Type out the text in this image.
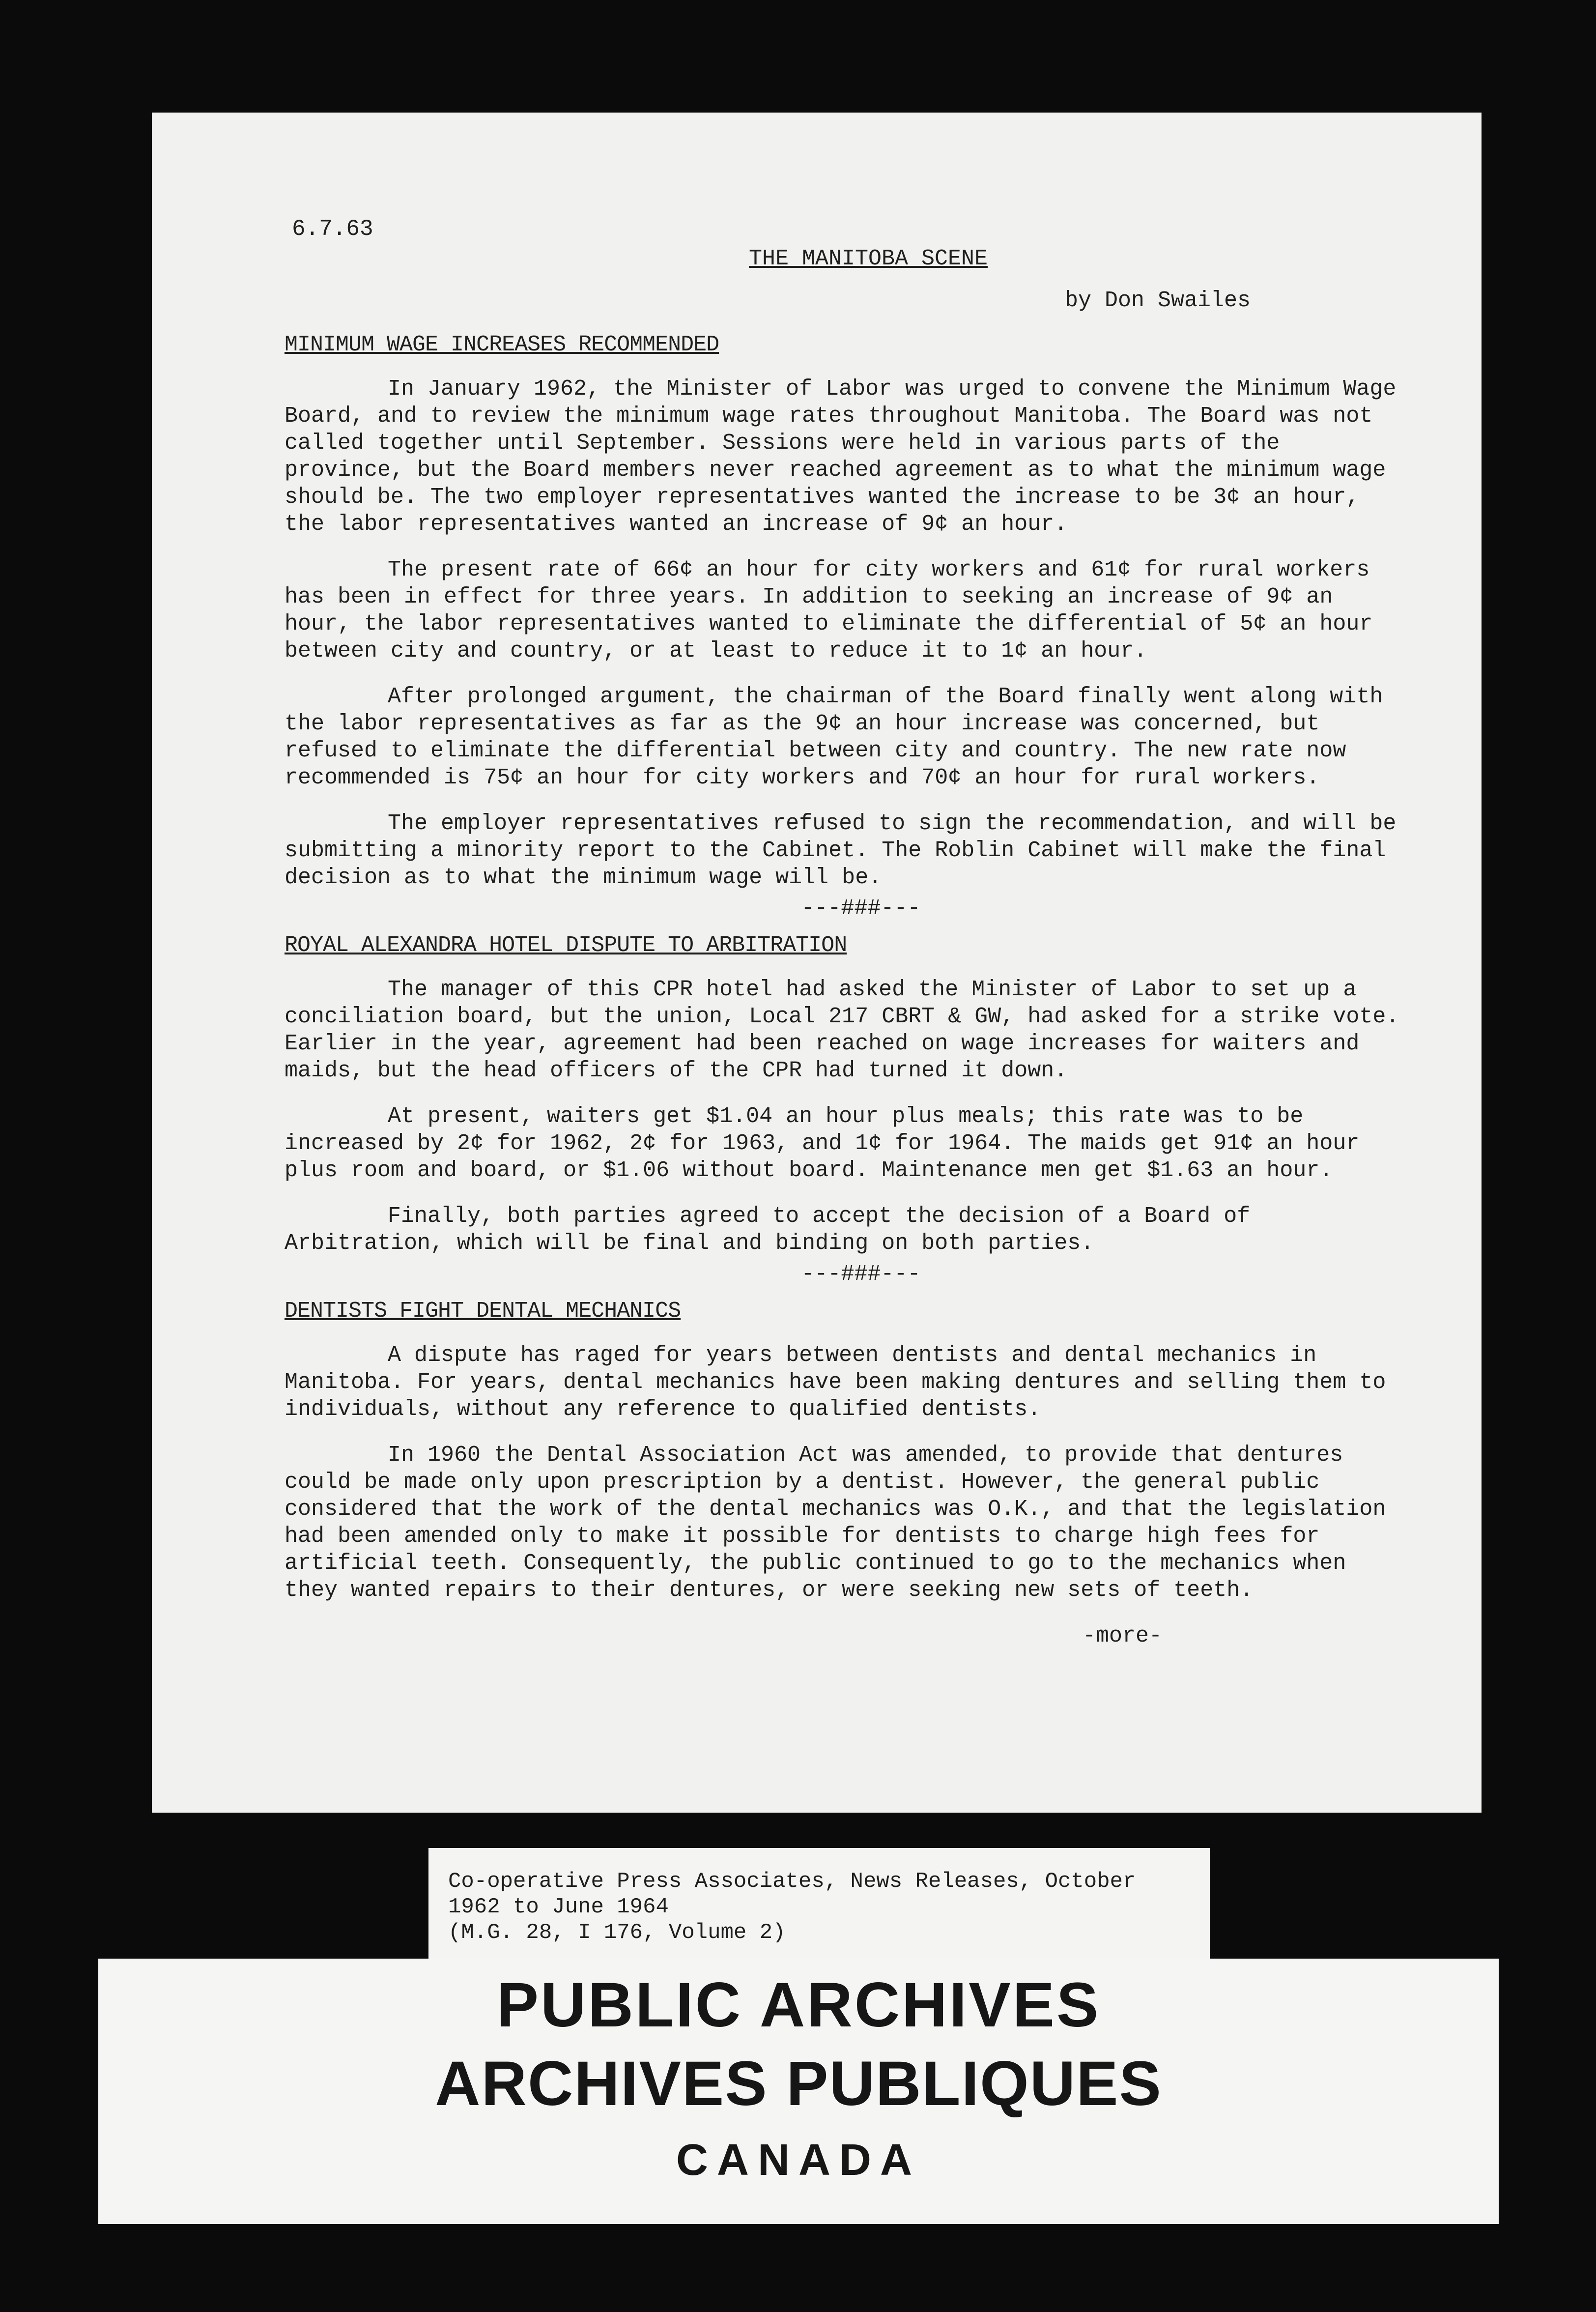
6.7.63
THE MANITOBA SCENE
by Don Swailes
MINIMUM WAGE INCREASES RECOMMENDED

In January 1962, the Minister of Labor was urged to convene the Minimum Wage Board, and to review the minimum wage rates throughout Manitoba. The Board was not called together until September. Sessions were held in various parts of the province, but the Board members never reached agreement as to what the minimum wage should be. The two employer representatives wanted the increase to be 3¢ an hour, the labor representatives wanted an increase of 9¢ an hour.

The present rate of 66¢ an hour for city workers and 61¢ for rural workers has been in effect for three years. In addition to seeking an increase of 9¢ an hour, the labor representatives wanted to eliminate the differential of 5¢ an hour between city and country, or at least to reduce it to 1¢ an hour.

After prolonged argument, the chairman of the Board finally went along with the labor representatives as far as the 9¢ an hour increase was concerned, but refused to eliminate the differential between city and country. The new rate now recommended is 75¢ an hour for city workers and 70¢ an hour for rural workers.

The employer representatives refused to sign the recommendation, and will be submitting a minority report to the Cabinet. The Roblin Cabinet will make the final decision as to what the minimum wage will be.

---###---
ROYAL ALEXANDRA HOTEL DISPUTE TO ARBITRATION

The manager of this CPR hotel had asked the Minister of Labor to set up a conciliation board, but the union, Local 217 CBRT & GW, had asked for a strike vote. Earlier in the year, agreement had been reached on wage increases for waiters and maids, but the head officers of the CPR had turned it down.

At present, waiters get $1.04 an hour plus meals; this rate was to be increased by 2¢ for 1962, 2¢ for 1963, and 1¢ for 1964. The maids get 91¢ an hour plus room and board, or $1.06 without board. Maintenance men get $1.63 an hour.

Finally, both parties agreed to accept the decision of a Board of Arbitration, which will be final and binding on both parties.

---###---
DENTISTS FIGHT DENTAL MECHANICS

A dispute has raged for years between dentists and dental mechanics in Manitoba. For years, dental mechanics have been making dentures and selling them to individuals, without any reference to qualified dentists.

In 1960 the Dental Association Act was amended, to provide that dentures could be made only upon prescription by a dentist. However, the general public considered that the work of the dental mechanics was O.K., and that the legislation had been amended only to make it possible for dentists to charge high fees for artificial teeth. Consequently, the public continued to go to the mechanics when they wanted repairs to their dentures, or were seeking new sets of teeth.

-more-
Co-operative Press Associates, News Releases, October
1962 to June 1964
(M.G. 28, I 176, Volume 2)
PUBLIC ARCHIVES
ARCHIVES PUBLIQUES
CANADA
